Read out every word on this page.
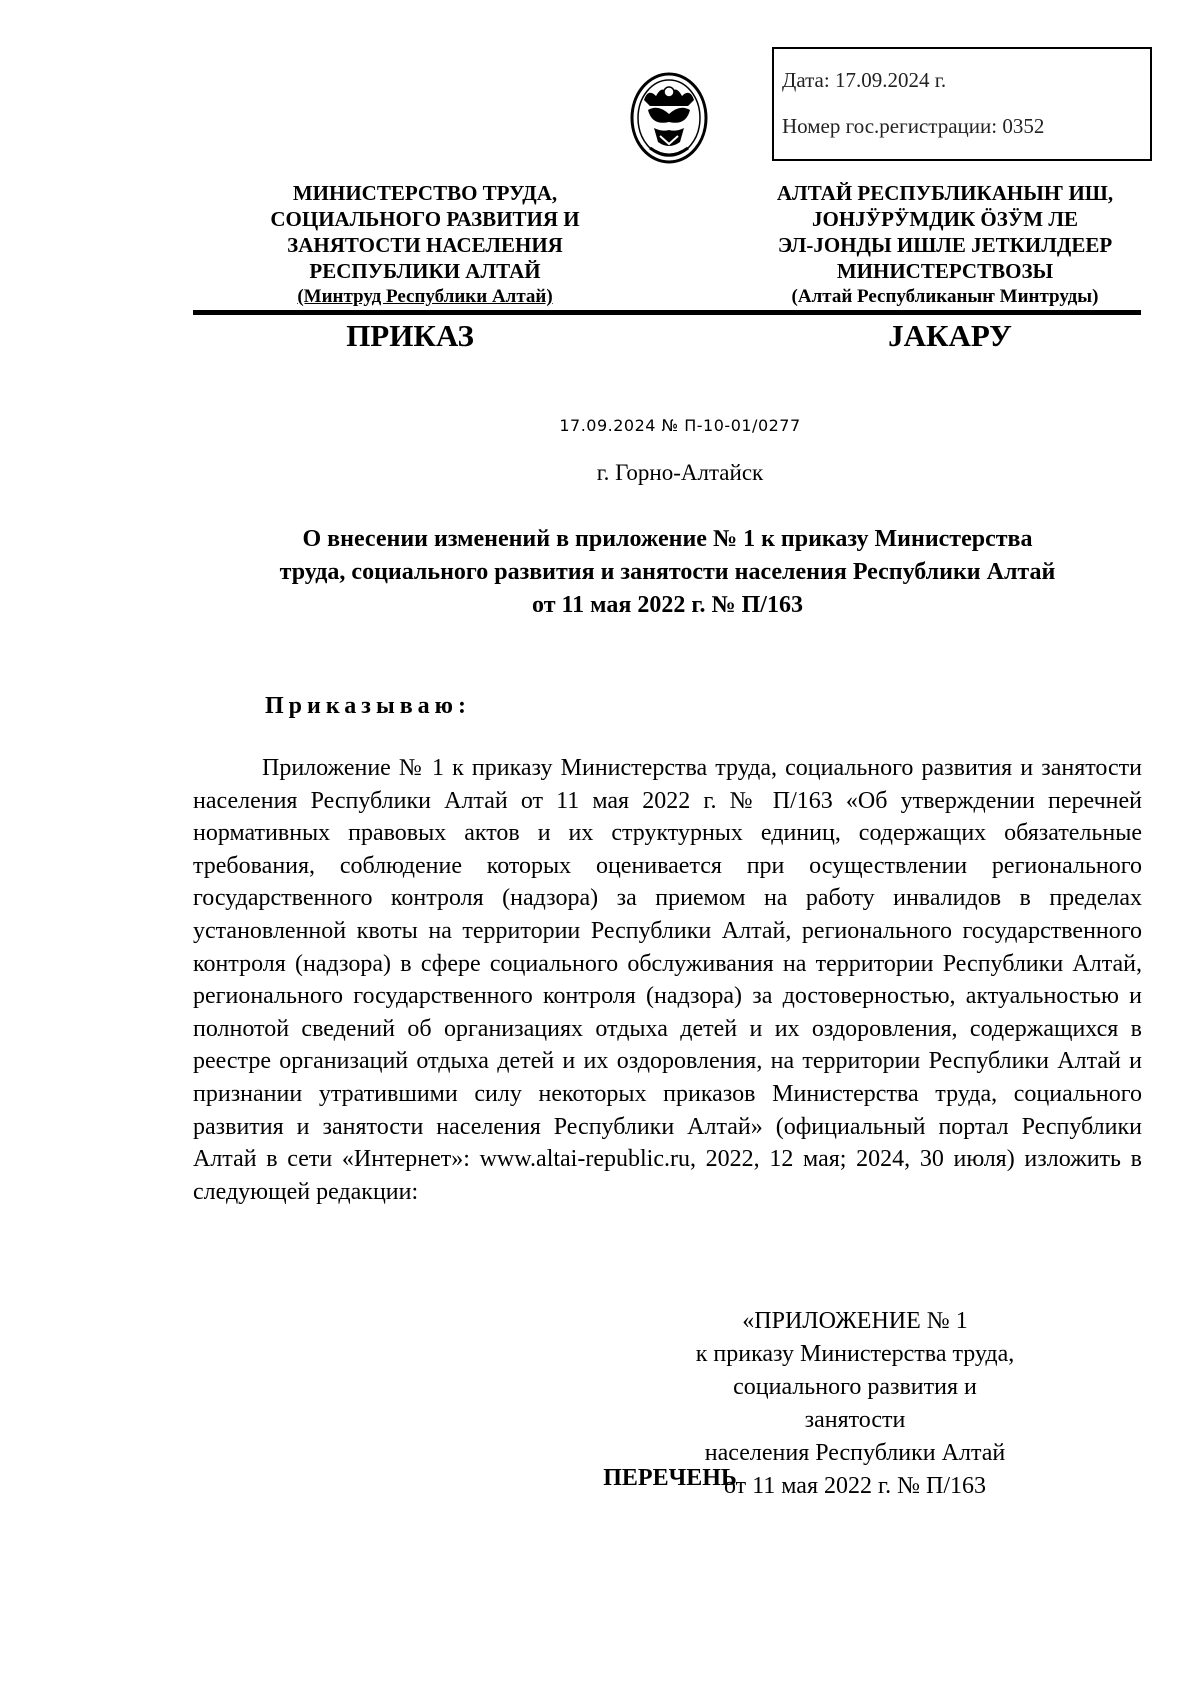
Дата: 17.09.2024 г.
Номер гос.регистрации: 0352
МИНИСТЕРСТВО ТРУДА,
СОЦИАЛЬНОГО РАЗВИТИЯ И
ЗАНЯТОСТИ НАСЕЛЕНИЯ
РЕСПУБЛИКИ АЛТАЙ
(Минтруд Республики Алтай)
АЛТАЙ РЕСПУБЛИКАНЫҤ ИШ,
ЈОНЈӰРӰМДИК ӦЗӰМ ЛЕ
ЭЛ-ЈОНДЫ ИШЛЕ ЈЕТКИЛДЕЕР
МИНИСТЕРСТВОЗЫ
(Алтай Республиканыҥ Минтруды)
ПРИКАЗ	ЈАКАРУ
17.09.2024 № П-10-01/0277
г. Горно-Алтайск
О внесении изменений в приложение № 1 к приказу Министерства
труда, социального развития и занятости населения Республики Алтай
от 11 мая 2022 г. № П/163
Приказываю:

Приложение № 1 к приказу Министерства труда, социального развития и занятости населения Республики Алтай от 11 мая 2022 г. № П/163 «Об утверждении перечней нормативных правовых актов и их структурных единиц, содержащих обязательные требования, соблюдение которых оценивается при осуществлении регионального государственного контроля (надзора) за приемом на работу инвалидов в пределах установленной квоты на территории Республики Алтай, регионального государственного контроля (надзора) в сфере социального обслуживания на территории Республики Алтай, регионального государственного контроля (надзора) за достоверностью, актуальностью и полнотой сведений об организациях отдыха детей и их оздоровления, содержащихся в реестре организаций отдыха детей и их оздоровления, на территории Республики Алтай и признании утратившими силу некоторых приказов Министерства труда, социального развития и занятости населения Республики Алтай» (официальный портал Республики Алтай в сети «Интернет»: www.altai-republic.ru, 2022, 12 мая; 2024, 30 июля) изложить в следующей редакции:

«ПРИЛОЖЕНИЕ № 1
к приказу Министерства труда,
социального развития и занятости
населения Республики Алтай
от 11 мая 2022 г. № П/163
ПЕРЕЧЕНЬ
